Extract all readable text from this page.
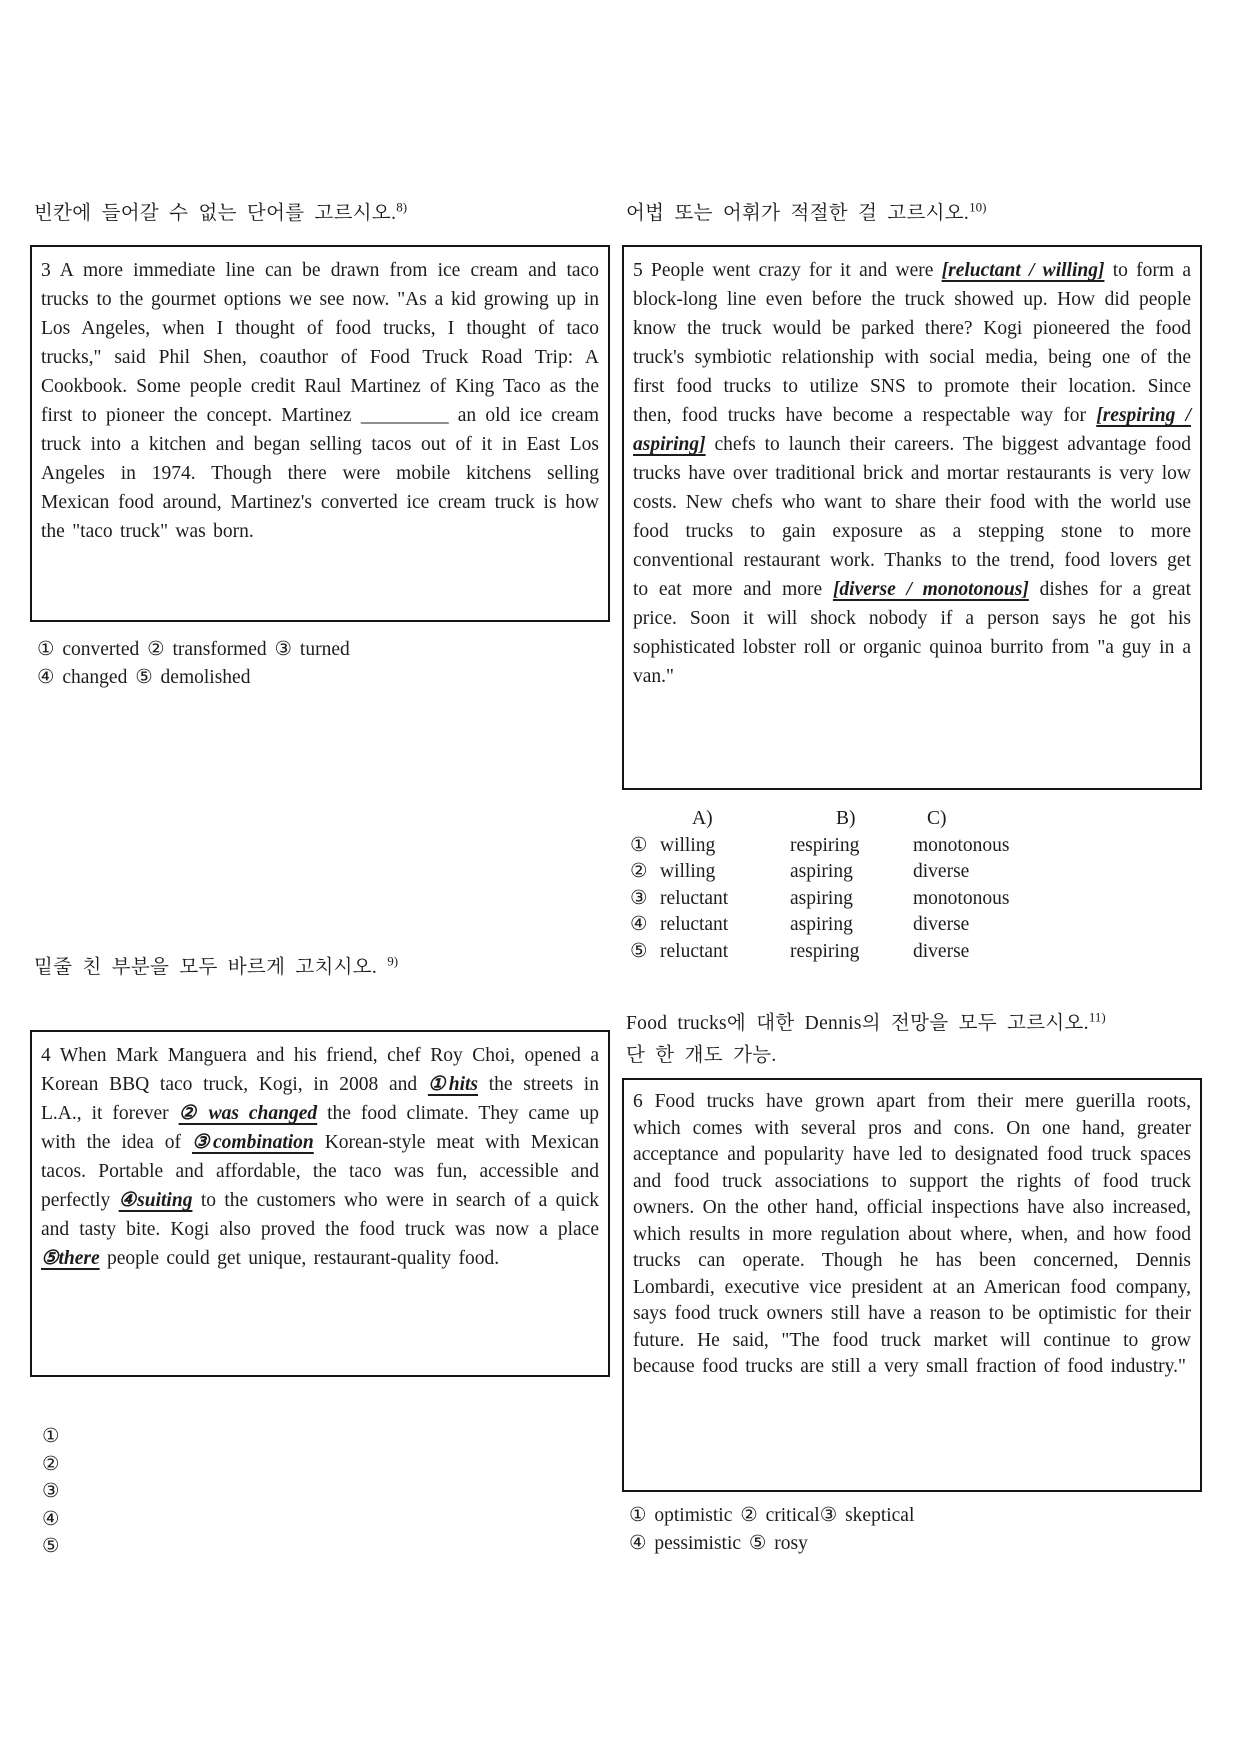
빈칸에 들어갈 수 없는 단어를 고르시오.$^{8)}$

3 A more immediate line can be drawn from ice cream and taco trucks to the gourmet options we see now. "As a kid growing up in Los Angeles, when I thought of food trucks, I thought of taco trucks," said Phil Shen, coauthor of Food Truck Road Trip: A Cookbook. Some people credit Raul Martinez of King Taco as the first to pioneer the concept. Martinez _________ an old ice cream truck into a kitchen and began selling tacos out of it in East Los Angeles in 1974. Though there were mobile kitchens selling Mexican food around, Martinez's converted ice cream truck is how the "taco truck" was born.

① converted ② transformed ③ turned
④ changed ⑤ demolished
밑줄 친 부분을 모두 바르게 고치시오. $^{9)}$

4 When Mark Manguera and his friend, chef Roy Choi, opened a Korean BBQ taco truck, Kogi, in 2008 and ①hits the streets in L.A., it forever ② was changed the food climate. They came up with the idea of ③combination Korean-style meat with Mexican tacos. Portable and affordable, the taco was fun, accessible and perfectly ④suiting to the customers who were in search of a quick and tasty bite. Kogi also proved the food truck was now a place ⑤there people could get unique, restaurant-quality food.

①
②
③
④
⑤
어법 또는 어휘가 적절한 걸 고르시오.$^{10)}$

5 People went crazy for it and were [reluctant / willing] to form a block-long line even before the truck showed up. How did people know the truck would be parked there? Kogi pioneered the food truck's symbiotic relationship with social media, being one of the first food trucks to utilize SNS to promote their location. Since then, food trucks have become a respectable way for [respiring / aspiring] chefs to launch their careers. The biggest advantage food trucks have over traditional brick and mortar restaurants is very low costs. New chefs who want to share their food with the world use food trucks to gain exposure as a stepping stone to more conventional restaurant work. Thanks to the trend, food lovers get to eat more and more [diverse / monotonous] dishes for a great price. Soon it will shock nobody if a person says he got his sophisticated lobster roll or organic quinoa burrito from "a guy in a van."

A)	B)	C)
① willing	respiring	monotonous
② willing	aspiring	diverse
③ reluctant	aspiring	monotonous
④ reluctant	aspiring	diverse
⑤ reluctant	respiring	diverse
Food trucks에 대한 Dennis의 전망을 모두 고르시오.$^{11)}$
단 한 개도 가능.

6 Food trucks have grown apart from their mere guerilla roots, which comes with several pros and cons. On one hand, greater acceptance and popularity have led to designated food truck spaces and food truck associations to support the rights of food truck owners. On the other hand, official inspections have also increased, which results in more regulation about where, when, and how food trucks can operate. Though he has been concerned, Dennis Lombardi, executive vice president at an American food company, says food truck owners still have a reason to be optimistic for their future. He said, "The food truck market will continue to grow because food trucks are still a very small fraction of food industry."

① optimistic ② critical③ skeptical
④ pessimistic ⑤ rosy
